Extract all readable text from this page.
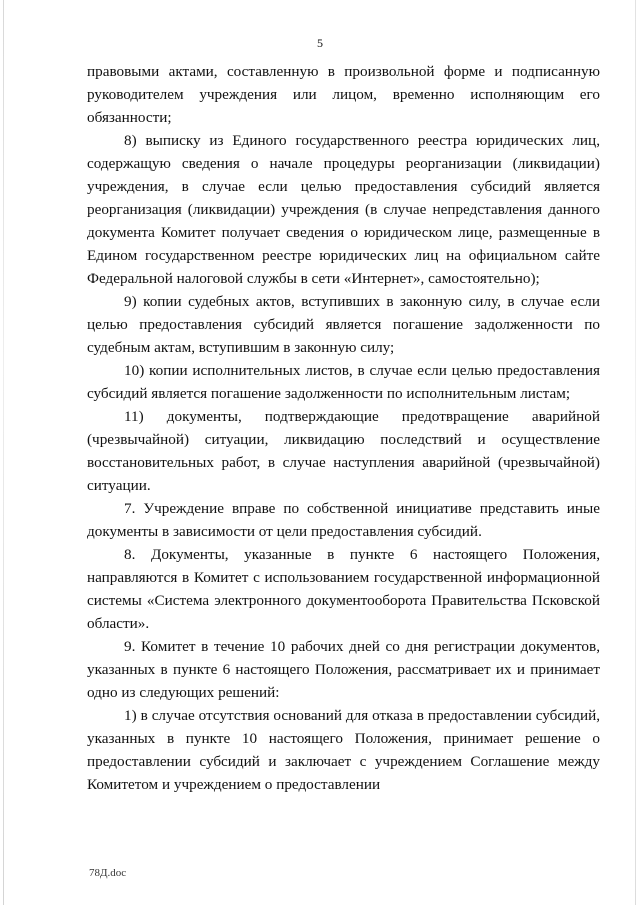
5

правовыми актами, составленную в произвольной форме и подписанную руководителем учреждения или лицом, временно исполняющим его обязанности;

8) выписку из Единого государственного реестра юридических лиц, содержащую сведения о начале процедуры реорганизации (ликвидации) учреждения, в случае если целью предоставления субсидий является реорганизация (ликвидации) учреждения (в случае непредставления данного документа Комитет получает сведения о юридическом лице, размещенные в Едином государственном реестре юридических лиц на официальном сайте Федеральной налоговой службы в сети «Интернет», самостоятельно);

9) копии судебных актов, вступивших в законную силу, в случае если целью предоставления субсидий является погашение задолженности по судебным актам, вступившим в законную силу;

10) копии исполнительных листов, в случае если целью предоставления субсидий является погашение задолженности по исполнительным листам;

11) документы, подтверждающие предотвращение аварийной (чрезвычайной) ситуации, ликвидацию последствий и осуществление восстановительных работ, в случае наступления аварийной (чрезвычайной) ситуации.

7. Учреждение вправе по собственной инициативе представить иные документы в зависимости от цели предоставления субсидий.

8. Документы, указанные в пункте 6 настоящего Положения, направляются в Комитет с использованием государственной информационной системы «Система электронного документооборота Правительства Псковской области».

9. Комитет в течение 10 рабочих дней со дня регистрации документов, указанных в пункте 6 настоящего Положения, рассматривает их и принимает одно из следующих решений:

1) в случае отсутствия оснований для отказа в предоставлении субсидий, указанных в пункте 10 настоящего Положения, принимает решение о предоставлении субсидий и заключает с учреждением Соглашение между Комитетом и учреждением о предоставлении

78Д.doc
